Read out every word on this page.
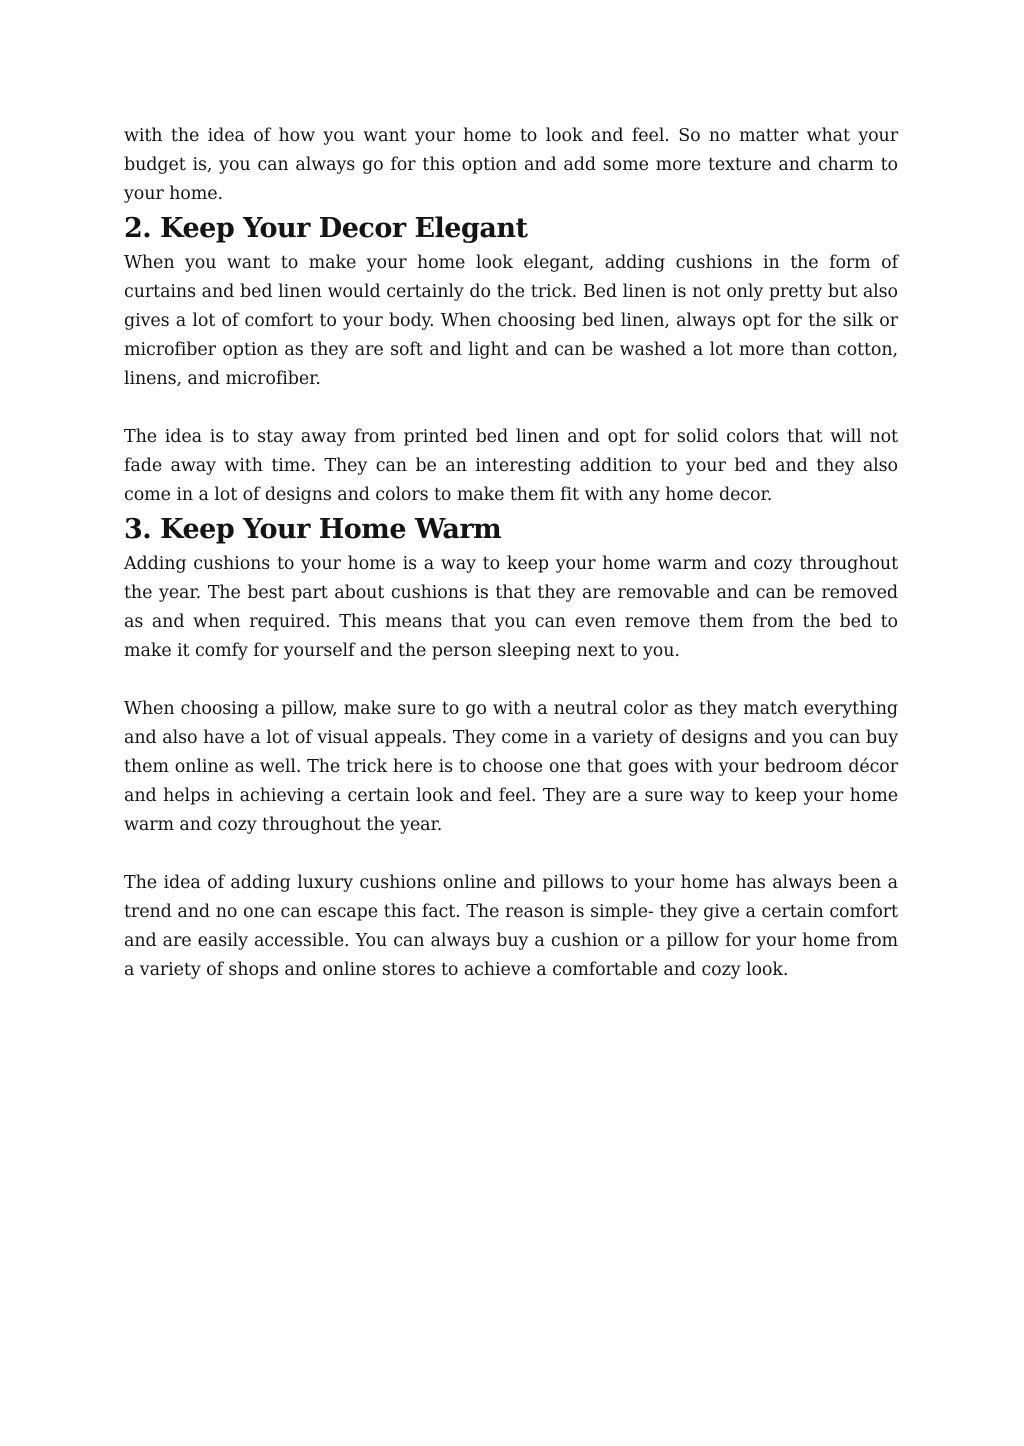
with the idea of how you want your home to look and feel. So no matter what your budget is, you can always go for this option and add some more texture and charm to your home.

2. Keep Your Decor Elegant

When you want to make your home look elegant, adding cushions in the form of curtains and bed linen would certainly do the trick. Bed linen is not only pretty but also gives a lot of comfort to your body. When choosing bed linen, always opt for the silk or microfiber option as they are soft and light and can be washed a lot more than cotton, linens, and microfiber.

The idea is to stay away from printed bed linen and opt for solid colors that will not fade away with time. They can be an interesting addition to your bed and they also come in a lot of designs and colors to make them fit with any home decor.

3. Keep Your Home Warm

Adding cushions to your home is a way to keep your home warm and cozy throughout the year. The best part about cushions is that they are removable and can be removed as and when required. This means that you can even remove them from the bed to make it comfy for yourself and the person sleeping next to you.

When choosing a pillow, make sure to go with a neutral color as they match everything and also have a lot of visual appeals. They come in a variety of designs and you can buy them online as well. The trick here is to choose one that goes with your bedroom décor and helps in achieving a certain look and feel. They are a sure way to keep your home warm and cozy throughout the year.

The idea of adding luxury cushions online and pillows to your home has always been a trend and no one can escape this fact. The reason is simple- they give a certain comfort and are easily accessible. You can always buy a cushion or a pillow for your home from a variety of shops and online stores to achieve a comfortable and cozy look.
